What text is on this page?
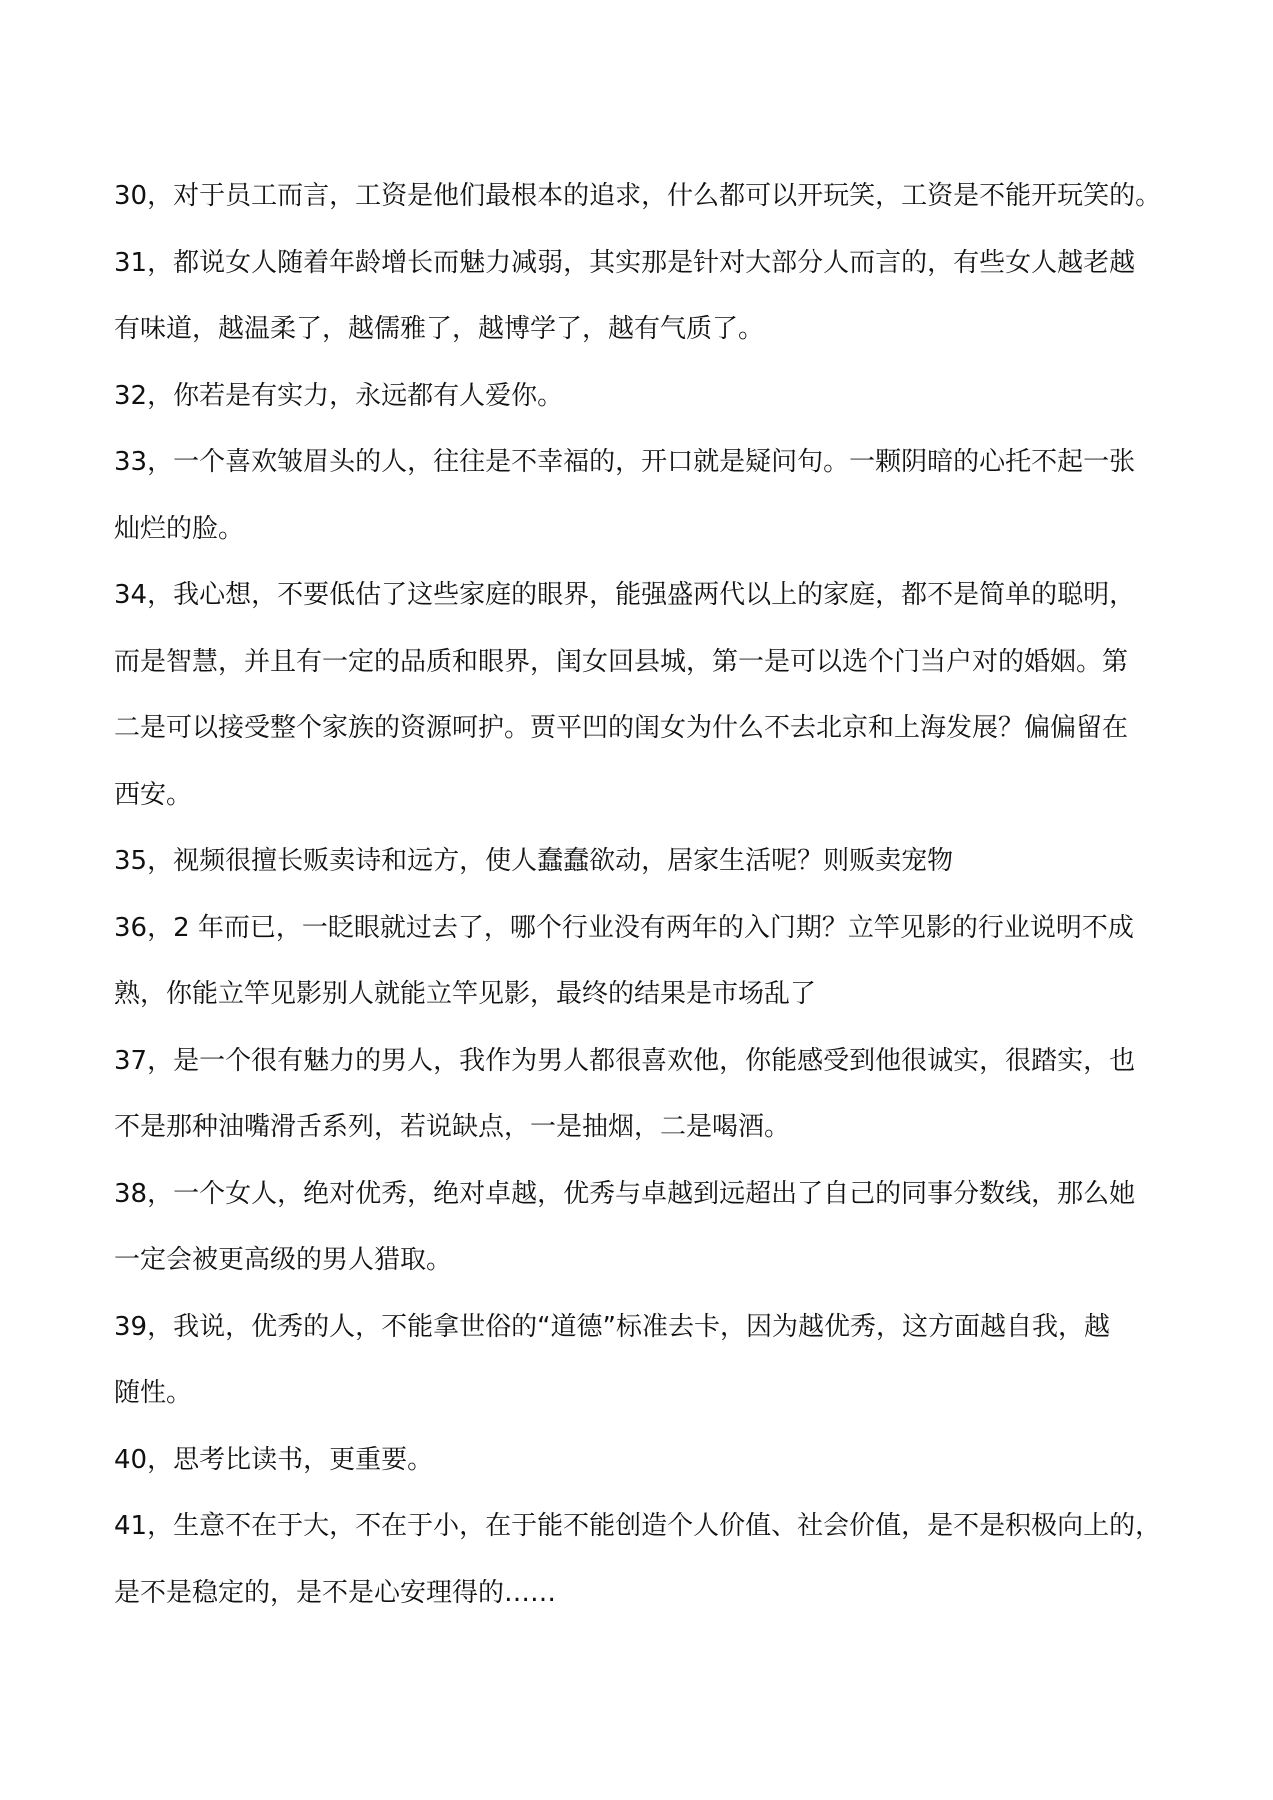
30，对于员工而言，工资是他们最根本的追求，什么都可以开玩笑，工资是不能开玩笑的。
31，都说女人随着年龄增长而魅力减弱，其实那是针对大部分人而言的，有些女人越老越
有味道，越温柔了，越儒雅了，越博学了，越有气质了。
32，你若是有实力，永远都有人爱你。
33，一个喜欢皱眉头的人，往往是不幸福的，开口就是疑问句。一颗阴暗的心托不起一张
灿烂的脸。
34，我心想，不要低估了这些家庭的眼界，能强盛两代以上的家庭，都不是简单的聪明，
而是智慧，并且有一定的品质和眼界，闺女回县城，第一是可以选个门当户对的婚姻。第
二是可以接受整个家族的资源呵护。贾平凹的闺女为什么不去北京和上海发展？偏偏留在
西安。
35，视频很擅长贩卖诗和远方，使人蠢蠢欲动，居家生活呢？则贩卖宠物
36，2 年而已，一眨眼就过去了，哪个行业没有两年的入门期？立竿见影的行业说明不成
熟，你能立竿见影别人就能立竿见影，最终的结果是市场乱了
37，是一个很有魅力的男人，我作为男人都很喜欢他，你能感受到他很诚实，很踏实，也
不是那种油嘴滑舌系列，若说缺点，一是抽烟，二是喝酒。
38，一个女人，绝对优秀，绝对卓越，优秀与卓越到远超出了自己的同事分数线，那么她
一定会被更高级的男人猎取。
39，我说，优秀的人，不能拿世俗的“道德”标准去卡，因为越优秀，这方面越自我，越
随性。
40，思考比读书，更重要。
41，生意不在于大，不在于小，在于能不能创造个人价值、社会价值，是不是积极向上的，
是不是稳定的，是不是心安理得的……
